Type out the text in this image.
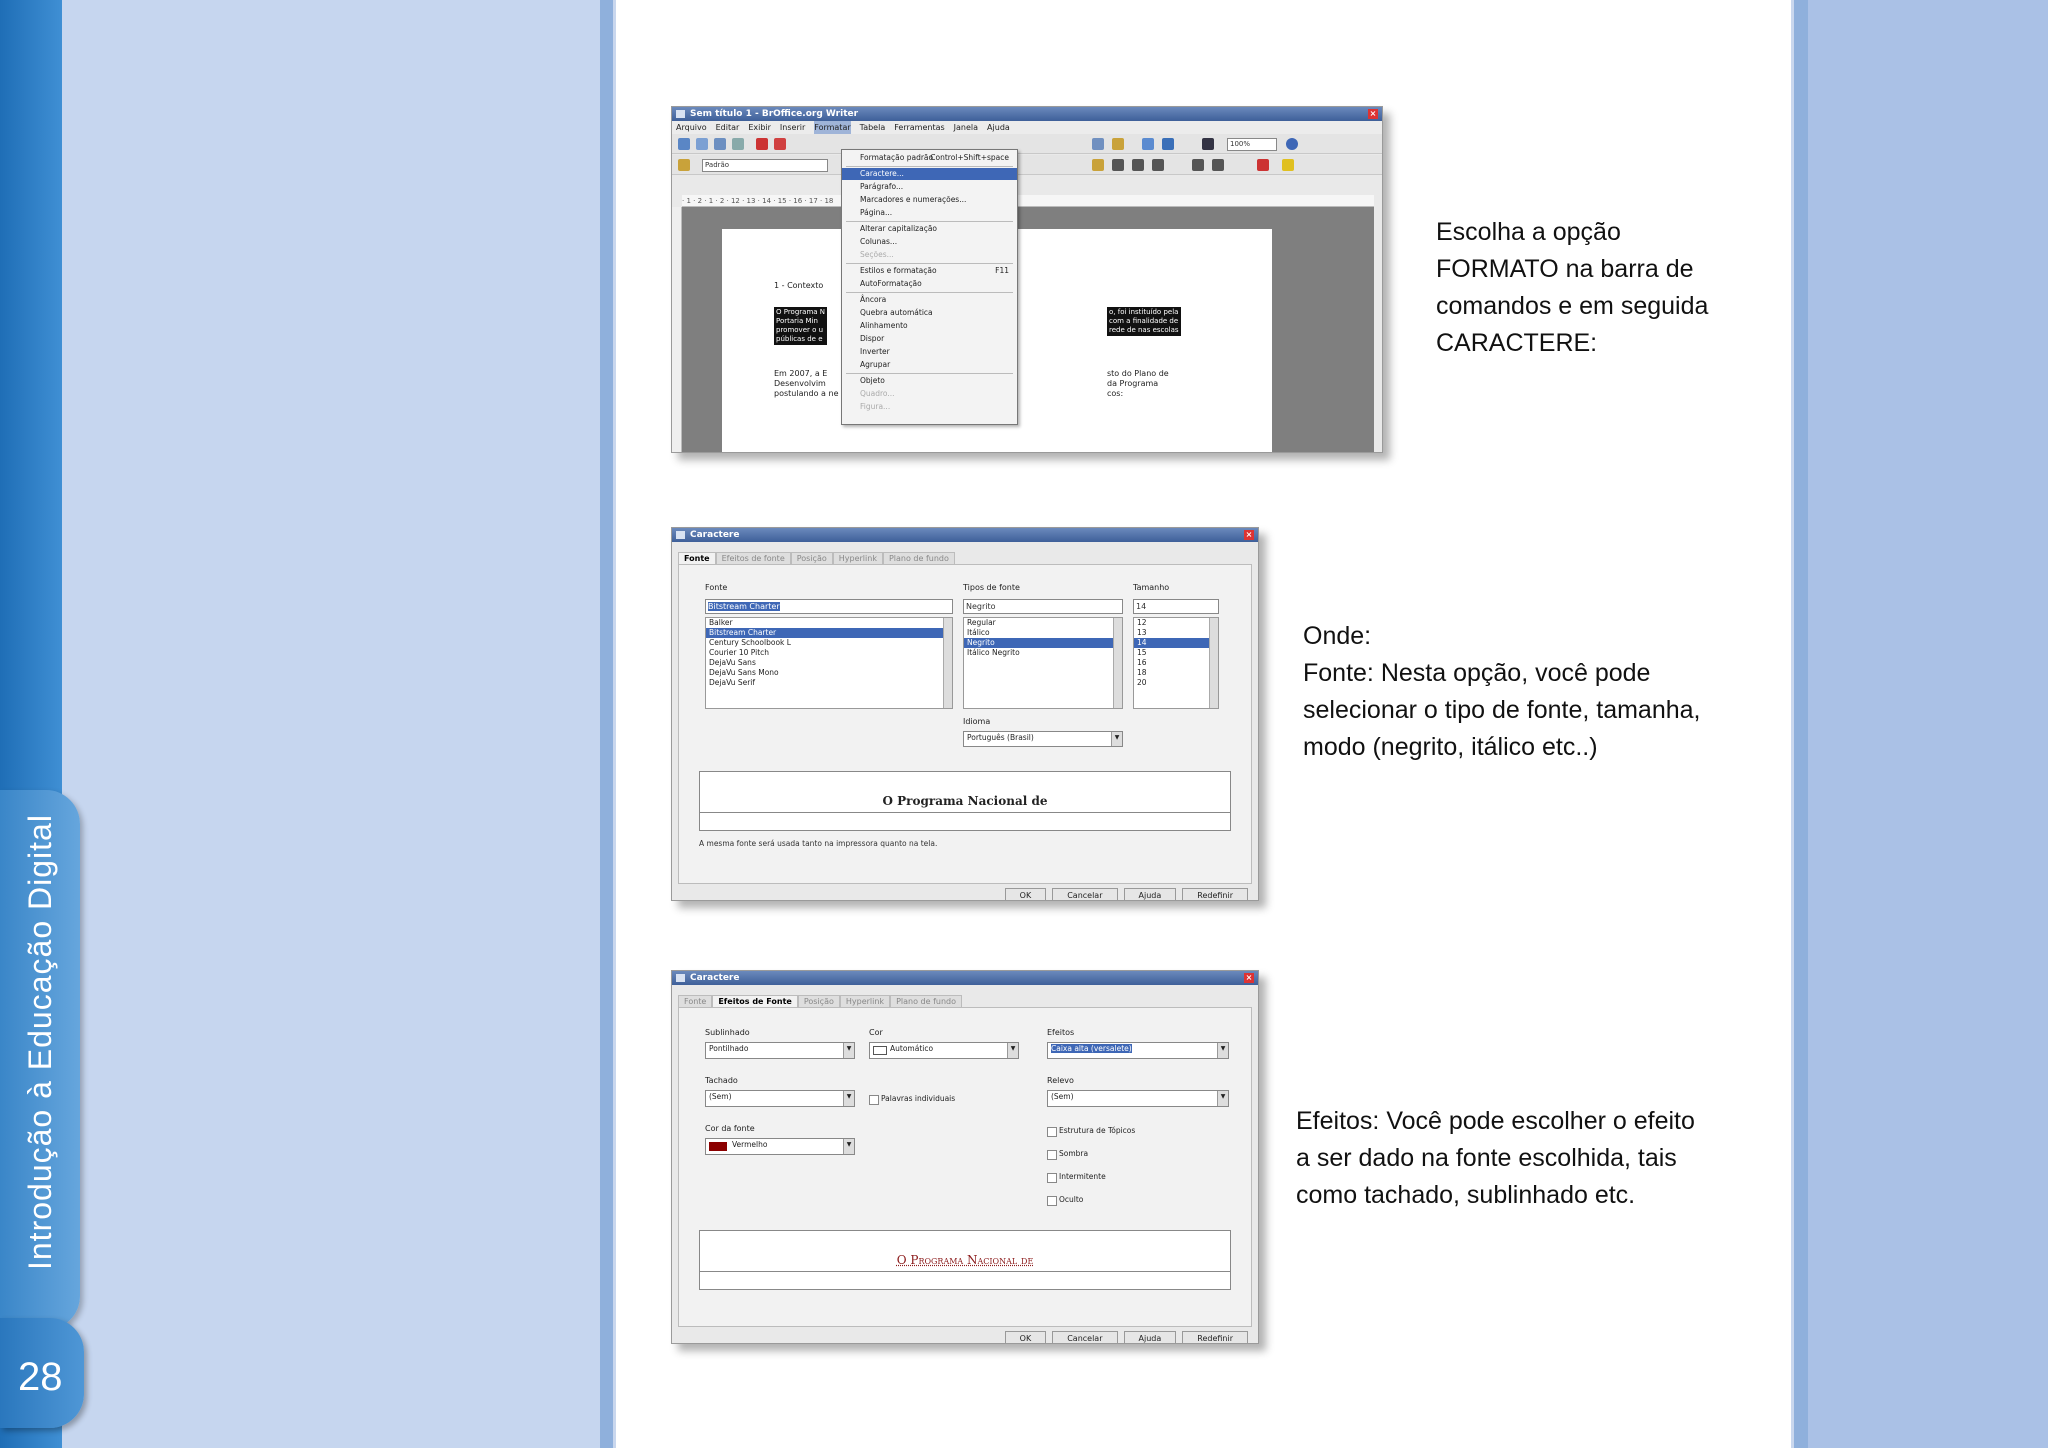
Introdução à Educação Digital
28
Escolha a opção
FORMATO na barra de
comandos e em seguida
CARACTERE:
Onde:
Fonte: Nesta opção, você pode
selecionar o tipo de fonte, tamanha,
modo (negrito, itálico etc..)
Efeitos: Você pode escolher o efeito
a ser dado na fonte escolhida, tais
como tachado, sublinhado etc.
Sem título 1 - BrOffice.org Writer	×
Arquivo Editar Exibir Inserir Formatar Tabela Ferramentas Janela Ajuda
100%
Padrão
· 1 · 2 · 1 · 2 · 12 · 13 · 14 · 15 · 16 · 17 · 18
1 - Contexto
O Programa N
Portaria Min
promover o u
públicas de e
o, foi instituído pela
com a finalidade de
rede de nas escolas
Em 2007, a E
Desenvolvim
postulando a ne
sto do Plano de
da Programa
cos:
Formatação padrão
Control+Shift+space
Caractere...
Parágrafo...
Marcadores e numerações...
Página...
Alterar capitalização
Colunas...
Seções...
Estilos e formatação	F11
AutoFormatação
Âncora
Quebra automática
Alinhamento
Dispor
Inverter
Agrupar
Objeto
Quadro...
Figura...
Caractere	×
Fonte	Efeitos de fonte	Posição	Hyperlink	Plano de fundo
Fonte
Bitstream Charter
Balker
Bitstream Charter
Century Schoolbook L
Courier 10 Pitch
DejaVu Sans
DejaVu Sans Mono
DejaVu Serif
Tipos de fonte
Negrito
Regular
Itálico
Negrito
Itálico Negrito
Tamanho
14
12
13
14
15
16
18
20
Idioma
Português (Brasil)	▼
O Programa Nacional de
A mesma fonte será usada tanto na impressora quanto na tela.
OK	Cancelar	Ajuda	Redefinir
Caractere	×
Fonte	Efeitos de Fonte	Posição	Hyperlink	Plano de fundo
Sublinhado
Pontilhado	▼
Cor
Automático	▼
Efeitos
Caixa alta (versalete)	▼
Tachado
(Sem)	▼	Palavras individuais
Relevo
(Sem)	▼
Cor da fonte
Vermelho	▼
Estrutura de Tópicos
Sombra
Intermitente
Oculto
O Programa Nacional de
OK	Cancelar	Ajuda	Redefinir
